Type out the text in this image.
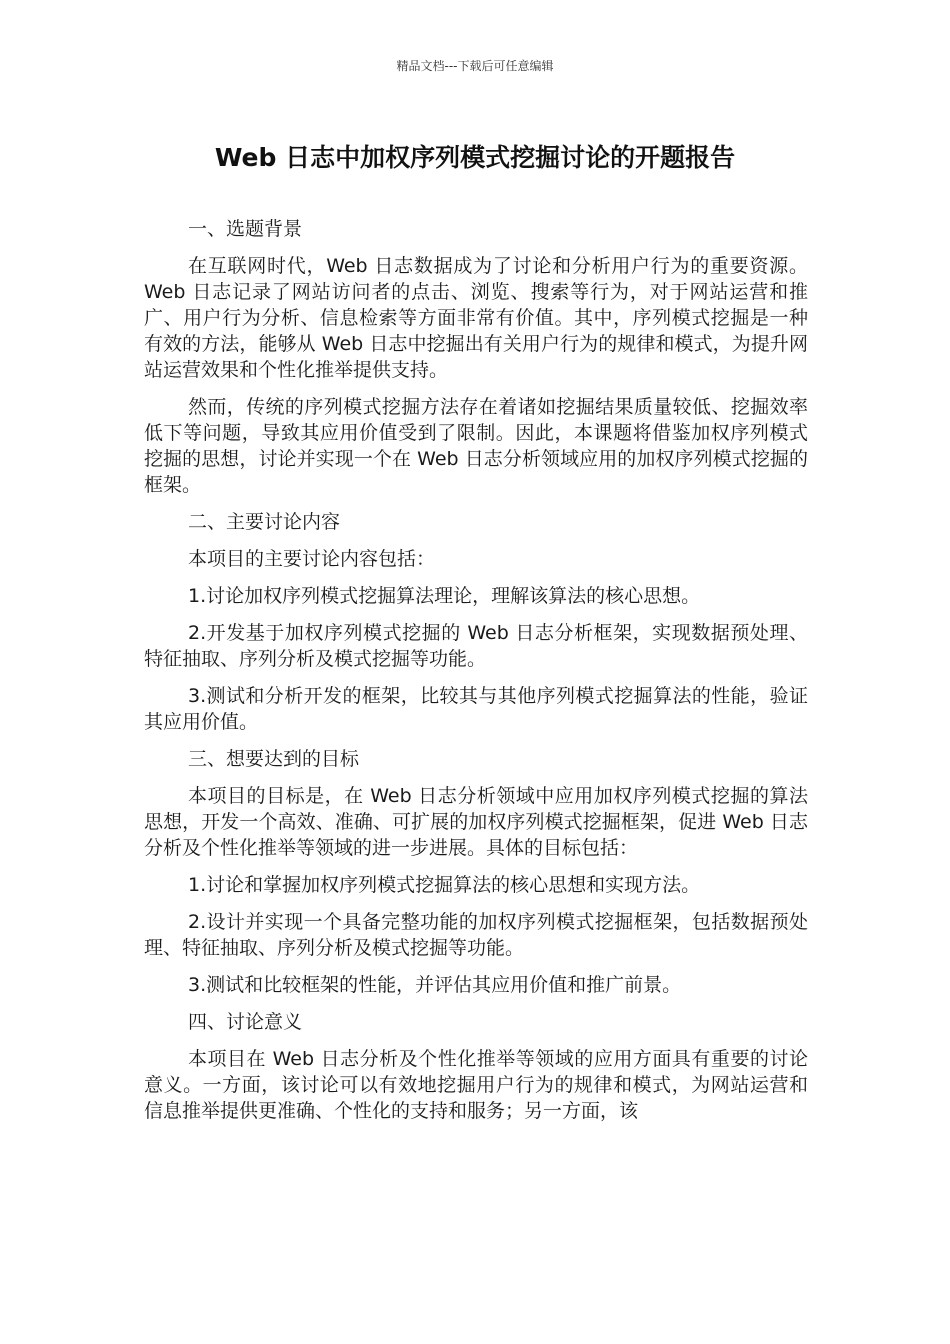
精品文档---下载后可任意编辑
Web 日志中加权序列模式挖掘讨论的开题报告

一、选题背景

在互联网时代，Web 日志数据成为了讨论和分析用户行为的重要资源。Web 日志记录了网站访问者的点击、浏览、搜索等行为，对于网站运营和推广、用户行为分析、信息检索等方面非常有价值。其中，序列模式挖掘是一种有效的方法，能够从 Web 日志中挖掘出有关用户行为的规律和模式，为提升网站运营效果和个性化推举提供支持。

然而，传统的序列模式挖掘方法存在着诸如挖掘结果质量较低、挖掘效率低下等问题，导致其应用价值受到了限制。因此，本课题将借鉴加权序列模式挖掘的思想，讨论并实现一个在 Web 日志分析领域应用的加权序列模式挖掘的框架。

二、主要讨论内容

本项目的主要讨论内容包括：

1.讨论加权序列模式挖掘算法理论，理解该算法的核心思想。

2.开发基于加权序列模式挖掘的 Web 日志分析框架，实现数据预处理、特征抽取、序列分析及模式挖掘等功能。

3.测试和分析开发的框架，比较其与其他序列模式挖掘算法的性能，验证其应用价值。

三、想要达到的目标

本项目的目标是，在 Web 日志分析领域中应用加权序列模式挖掘的算法思想，开发一个高效、准确、可扩展的加权序列模式挖掘框架，促进 Web 日志分析及个性化推举等领域的进一步进展。具体的目标包括：

1.讨论和掌握加权序列模式挖掘算法的核心思想和实现方法。

2.设计并实现一个具备完整功能的加权序列模式挖掘框架，包括数据预处理、特征抽取、序列分析及模式挖掘等功能。

3.测试和比较框架的性能，并评估其应用价值和推广前景。

四、讨论意义

本项目在 Web 日志分析及个性化推举等领域的应用方面具有重要的讨论意义。一方面，该讨论可以有效地挖掘用户行为的规律和模式，为网站运营和信息推举提供更准确、个性化的支持和服务；另一方面，该
